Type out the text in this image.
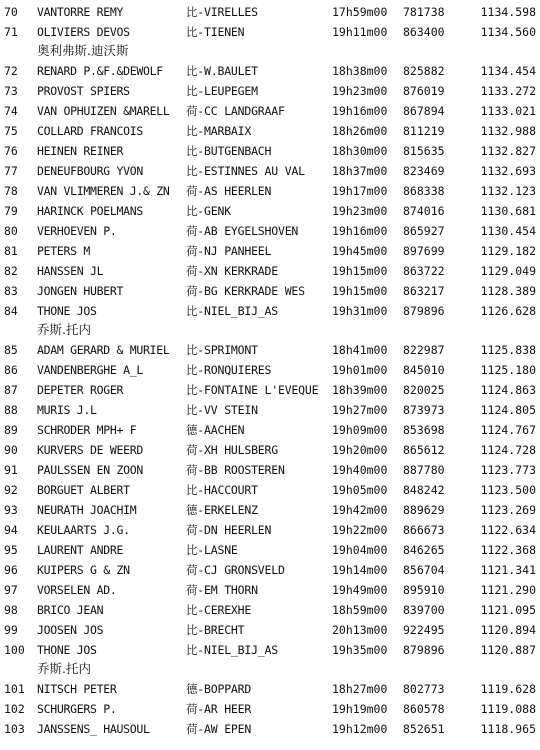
70	VANTORRE REMY	比-VIRELLES	17h59m00 781738	1134.598
71	OLIVIERS DEVOS	比-TIENEN	19h11m00 863400	1134.560
奥利弗斯.迪沃斯
72	RENARD P.&F.&DEWOLF 比-W.BAULET	18h38m00 825882	1134.454
73	PROVOST SPIERS	比-LEUPEGEM	19h23m00 876019	1133.272
74	VAN OPHUIZEN &MARELL 荷-CC LANDGRAAF	19h16m00 867894	1133.021
75	COLLARD FRANCOIS	比-MARBAIX	18h26m00 811219	1132.988
76	HEINEN REINER	比-BUTGENBACH	18h30m00 815635	1132.827
77	DENEUFBOURG YVON	比-ESTINNES AU VAL 18h37m00 823469	1132.693
78	VAN VLIMMEREN J.& ZN 荷-AS HEERLEN	19h17m00 868338	1132.123
79	HARINCK POELMANS	比-GENK	19h23m00 874016	1130.681
80	VERHOEVEN P.	荷-AB EYGELSHOVEN	19h16m00 865927	1130.454
81	PETERS M	荷-NJ PANHEEL	19h45m00 897699	1129.182
82	HANSSEN JL	荷-XN KERKRADE	19h15m00 863722	1129.049
83	JONGEN HUBERT	荷-BG KERKRADE WES 19h15m00 863217	1128.389
84	THONE JOS	比-NIEL_BIJ_AS	19h31m00 879896	1126.628
乔斯.托内
85	ADAM GERARD & MURIEL 比-SPRIMONT	18h41m00 822987	1125.838
86	VANDENBERGHE A_L	比-RONQUIERES	19h01m00 845010	1125.180
87	DEPETER ROGER	比-FONTAINE L'EVEQUE 18h39m00 820025	1124.863
88	MURIS J.L	比-VV STEIN	19h27m00 873973	1124.805
89	SCHRODER MPH+ F	德-AACHEN	19h09m00 853698	1124.767
90	KURVERS DE WEERD	荷-XH HULSBERG	19h20m00 865612	1124.728
91	PAULSSEN EN ZOON	荷-BB ROOSTEREN	19h40m00 887780	1123.773
92	BORGUET ALBERT	比-HACCOURT	19h05m00 848242	1123.500
93	NEURATH JOACHIM	德-ERKELENZ	19h42m00 889629	1123.269
94	KEULAARTS J.G.	荷-DN HEERLEN	19h22m00 866673	1122.634
95	LAURENT ANDRE	比-LASNE	19h04m00 846265	1122.368
96	KUIPERS G & ZN	荷-CJ GRONSVELD	19h14m00 856704	1121.341
97	VORSELEN AD.	荷-EM THORN	19h49m00 895910	1121.290
98	BRICO JEAN	比-CEREXHE	18h59m00 839700	1121.095
99	JOOSEN JOS	比-BRECHT	20h13m00 922495	1120.894
100 THONE JOS	比-NIEL_BIJ_AS	19h35m00 879896	1120.887
乔斯.托内
101 NITSCH PETER	德-BOPPARD	18h27m00 802773	1119.628
102 SCHURGERS P.	荷-AR HEER	19h19m00 860578	1119.088
103 JANSSENS_ HAUSOUL	荷-AW EPEN	19h12m00 852651	1118.965
